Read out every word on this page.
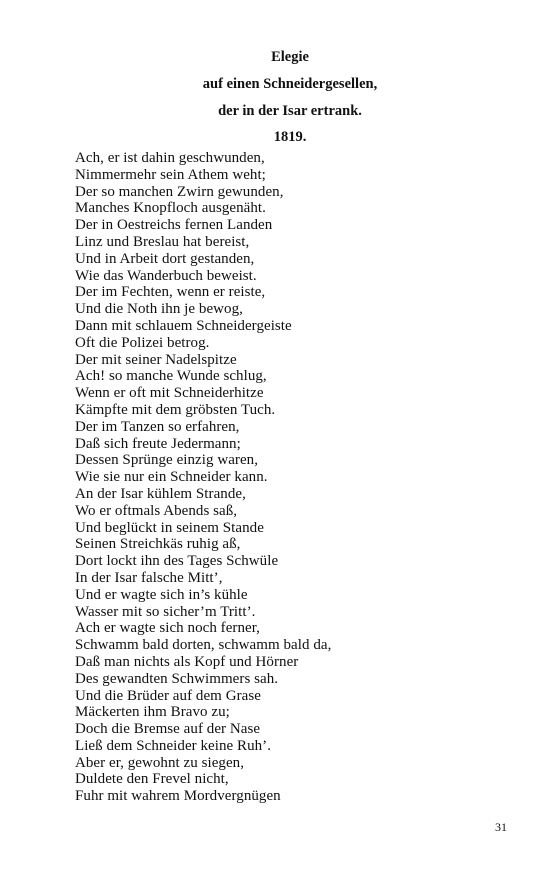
Elegie
auf einen Schneidergesellen,
der in der Isar ertrank.
1819.
Ach, er ist dahin geschwunden,
Nimmermehr sein Athem weht;
Der so manchen Zwirn gewunden,
Manches Knopfloch ausgenäht.
Der in Oestreichs fernen Landen
Linz und Breslau hat bereist,
Und in Arbeit dort gestanden,
Wie das Wanderbuch beweist.
Der im Fechten, wenn er reiste,
Und die Noth ihn je bewog,
Dann mit schlauem Schneidergeiste
Oft die Polizei betrog.
Der mit seiner Nadelspitze
Ach! so manche Wunde schlug,
Wenn er oft mit Schneiderhitze
Kämpfte mit dem gröbsten Tuch.
Der im Tanzen so erfahren,
Daß sich freute Jedermann;
Dessen Sprünge einzig waren,
Wie sie nur ein Schneider kann.
An der Isar kühlem Strande,
Wo er oftmals Abends saß,
Und beglückt in seinem Stande
Seinen Streichkäs ruhig aß,
Dort lockt ihn des Tages Schwüle
In der Isar falsche Mitt’,
Und er wagte sich in’s kühle
Wasser mit so sicher’m Tritt’.
Ach er wagte sich noch ferner,
Schwamm bald dorten, schwamm bald da,
Daß man nichts als Kopf und Hörner
Des gewandten Schwimmers sah.
Und die Brüder auf dem Grase
Mäckerten ihm Bravo zu;
Doch die Bremse auf der Nase
Ließ dem Schneider keine Ruh’.
Aber er, gewohnt zu siegen,
Duldete den Frevel nicht,
Fuhr mit wahrem Mordvergnügen
31
